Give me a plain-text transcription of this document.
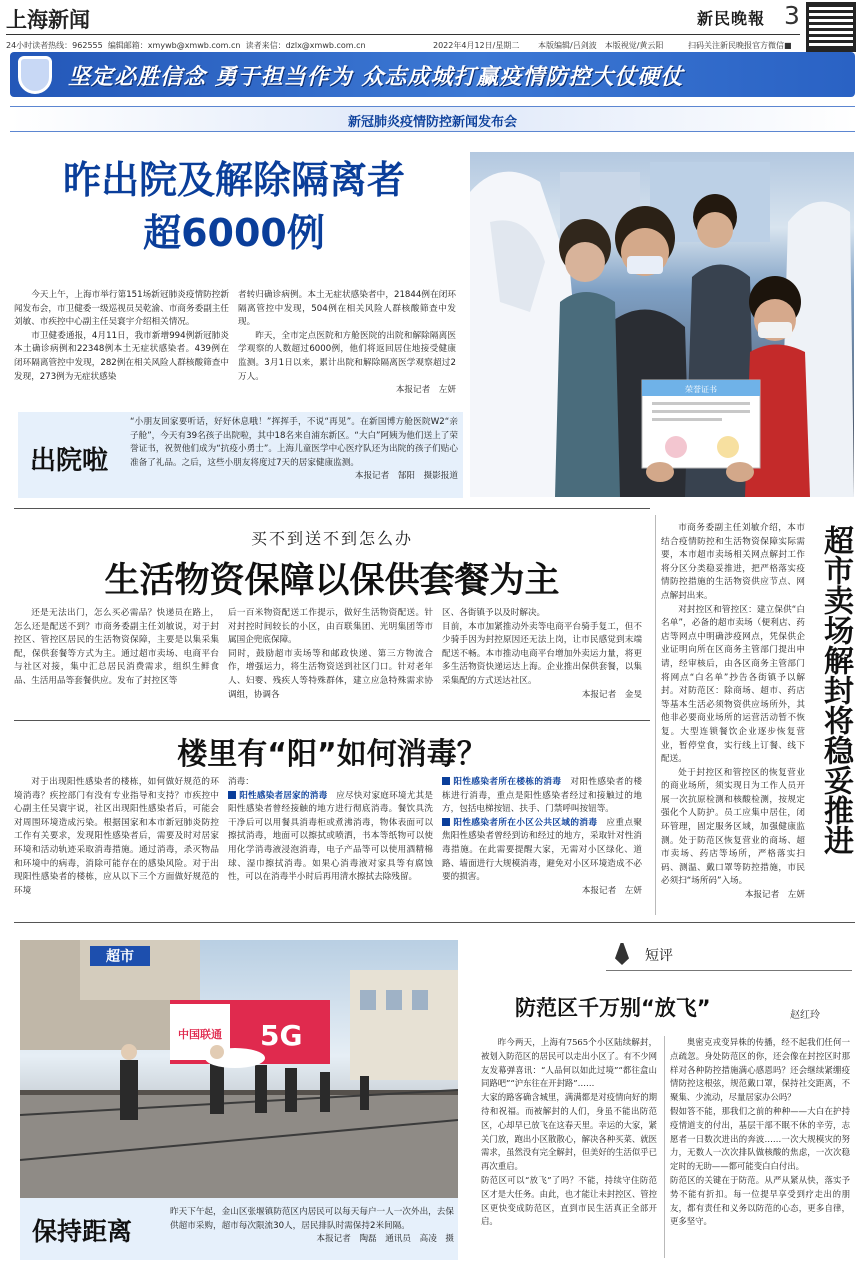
上海新闻	新民晚報 3
24小时读者热线：962555 编辑邮箱：xmywb@xmwb.com.cn 读者来信：dzlx@xmwb.com.cn	2022年4月12日/星期二 本版编辑/吕剑波　本版视觉/黄云阳	扫码关注新民晚报官方微信■
坚定必胜信念 勇于担当作为 众志成城打赢疫情防控大仗硬仗
新冠肺炎疫情防控新闻发布会
昨出院及解除隔离者
超6000例

今天上午，上海市举行第151场新冠肺炎疫情防控新闻发布会，市卫健委一级巡视员吴乾渝、市商务委副主任刘敏、市疾控中心副主任吴寰宇介绍相关情况。

市卫健委通报，4月11日，我市新增994例新冠肺炎本土确诊病例和22348例本土无症状感染者。439例在闭环隔离管控中发现，282例在相关风险人群核酸筛查中发现，273例为无症状感染

者转归确诊病例。本土无症状感染者中，21844例在闭环隔离管控中发现，504例在相关风险人群核酸筛查中发现。

昨天，全市定点医院和方舱医院的出院和解除隔离医学观察的人数超过6000例，他们将返回居住地接受健康监测。3月1日以来，累计出院和解除隔离医学观察超过2万人。

本报记者　左妍

出院啦
“小朋友回家要听话，好好休息哦！”挥挥手，不说“再见”。在新国博方舱医院W2“亲子舱”，今天有39名孩子出院啦，其中18名来自浦东新区。“大白”阿姨为他们送上了荣誉证书，祝贺他们成为“抗疫小勇士”。上海儿童医学中心医疗队还为出院的孩子们贴心准备了礼品。之后，这些小朋友将度过7天的居家健康监测。
本报记者　郜阳　摄影报道
荣誉证书
买不到送不到怎么办
生活物资保障以保供套餐为主
还是无法出门，怎么买必需品？快递员在路上，怎么还是配送不到？市商务委副主任刘敏说，对于封控区、管控区居民的生活物资保障，主要是以集采集配，保供套餐等方式为主。通过超市卖场、电商平台与社区对接，集中汇总居民消费需求，组织生鲜食品、生活用品等套餐供应。发布了封控区等

后一百米物资配送工作提示，做好生活物资配送。针对封控时间较长的小区，由百联集团、光明集团等市属国企兜底保障。
同时，鼓励超市卖场等和邮政快递、第三方物流合作，增强运力，将生活物资送到社区门口。针对老年人、妇婴、残疾人等特殊群体，建立应急特殊需求协调组，协调各

区、各街镇予以及时解决。
目前，本市加紧推动外卖等电商平台骑手复工，但不少骑手因为封控原因还无法上岗，让市民感觉到末端配送不畅。本市推动电商平台增加外卖运力量，将更多生活物资快递运达上海。企业推出保供套餐，以集采集配的方式送达社区。

本报记者　金旻

楼里有“阳”如何消毒？
对于出现阳性感染者的楼栋，如何做好规范的环境消毒？疾控部门有没有专业指导和支持？市疾控中心副主任吴寰宇说，社区出现阳性感染者后，可能会对周围环境造成污染。根据国家和本市新冠肺炎防控工作有关要求，发现阳性感染者后，需要及时对居家环境和活动轨迹采取消毒措施。通过消毒，杀灭物品和环境中的病毒，消除可能存在的感染风险。对于出现阳性感染者的楼栋，应从以下三个方面做好规范的环境

消毒：

阳性感染者居家的消毒　 应尽快对家庭环境尤其是阳性感染者曾经接触的地方进行彻底消毒。餐饮具洗干净后可以用餐具消毒柜或煮沸消毒，物体表面可以擦拭消毒，地面可以擦拭或喷洒，书本等纸物可以使用化学消毒液浸泡消毒，电子产品等可以使用酒精棉球、湿巾擦拭消毒。如果心消毒液对家具等有腐蚀性，可以在消毒半小时后再用清水擦拭去除残留。

阳性感染者所在楼栋的消毒　 对阳性感染者的楼栋进行消毒，重点是阳性感染者经过和接触过的地方，包括电梯按钮、扶手、门禁呼叫按钮等。

阳性感染者所在小区公共区域的消毒　 应重点聚焦阳性感染者曾经到访和经过的地方，采取针对性消毒措施。在此需要提醒大家，无需对小区绿化、道路、墙面进行大规模消毒，避免对小区环境造成不必要的损害。

本报记者　左妍

市商务委副主任刘敏介绍，本市结合疫情防控和生活物资保障实际需要，本市超市卖场相关网点解封工作将分区分类稳妥推进，把严格落实疫情防控措施的生活物资供应节点、网点解封出来。

对封控区和管控区：建立保供“白名单”，必备的超市卖场（便利店、药店等网点中明确涉疫网点，凭保供企业证明向所在区商务主管部门提出申请，经审核后，由各区商务主管部门将网点“白名单”抄告各街镇予以解封。对防范区：除商场、超市、药店等基本生活必须物资供应场所外，其他非必要商业场所的运营活动暂不恢复。大型连锁餐饮企业逐步恢复营业，暂停堂食，实行线上订餐、线下配送。

处于封控区和管控区的恢复营业的商业场所，须实现日为工作人员开展一次抗原检测和核酸检测，按规定强化个人防护。员工应集中居住，闭环管理，固定服务区域，加强健康监测。处于防范区恢复营业的商场、超市卖场、药店等场所，严格落实扫码、测温、戴口罩等防控措施，市民必须扫“场所码”入场。

本报记者　左妍

超市卖场解封将稳妥推进
超市
中国联通 5G
保持距离
昨天下午起，金山区张堰镇防范区内居民可以每天每户一人一次外出，去保供超市采购，超市每次限流30人，居民排队时需保持2米间隔。

本报记者　陶磊　通讯员　高凌　摄
短评
防范区千万别“放飞”	赵红玲
昨今两天，上海有7565个小区陆续解封，被划入防范区的居民可以走出小区了。有不少网友发幕弹喜讯：“人品何以如此过境”“都往盒山同路吧”“沪东往在开封路”……
大家的路客确含城里，满满都是对疫情向好的期待和祝福。而被解封的人们，身虽不能出防范区，心却早已放飞在这春天里。幸运的大家，紧关门放，跑出小区散散心，解决各种买菜、就医需求，虽然没有完全解封，但美好的生活似乎已再次重启。
防范区可以“放飞”了吗？不能，持续守住防范区才是大任务。由此，也才能让未封控区、管控区更快变成防范区，直到市民生活真正全部开启。
奥密克戎变异株的传播，经不起我们任何一点疏忽。身处防范区的你，还会像在封控区时那样对各种防控措施满心感恩吗？还会继续紧绷疫情防控这根弦，规范戴口罩，保持社交距离，不聚集、少流动，尽量居家办公吗？
假如答不能，那我们之前的种种——大白在护持疫情道支的付出，基层干部不眠不休的辛劳，志愿者一日数次进出的奔波……一次大规模灾的努力，无数人一次次排队做核酸的焦虑，一次次稳定时的无助——都可能变白白付出。
防范区的关键在于防范。从严从紧从快，落实予势不能有折扣。每一位提早享受到疗走出的朋友，都有责任和义务以防范的心态，更多自律，更多坚守。
